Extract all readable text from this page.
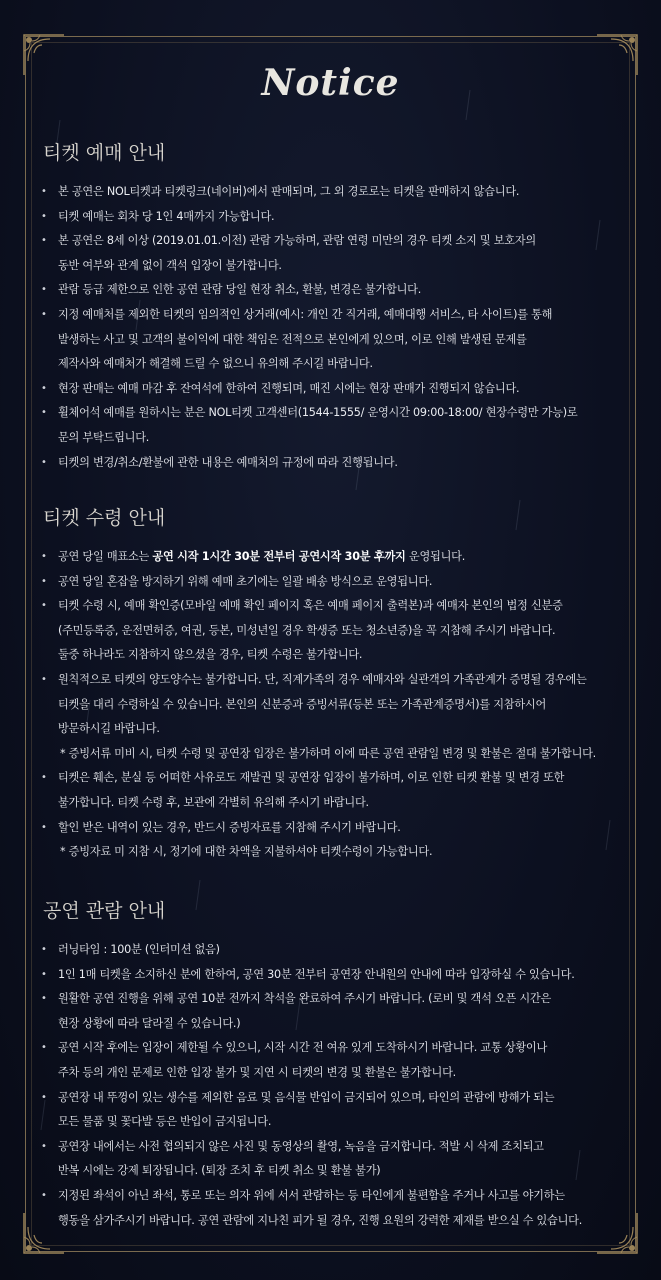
Notice
티켓 예매 안내
• 본 공연은 NOL티켓과 티켓링크(네이버)에서 판매되며, 그 외 경로로는 티켓을 판매하지 않습니다.
• 티켓 예매는 회차 당 1인 4매까지 가능합니다.
• 본 공연은 8세 이상 (2019.01.01.이전) 관람 가능하며, 관람 연령 미만의 경우 티켓 소지 및 보호자의
동반 여부와 관계 없이 객석 입장이 불가합니다.
• 관람 등급 제한으로 인한 공연 관람 당일 현장 취소, 환불, 변경은 불가합니다.
• 지정 예매처를 제외한 티켓의 임의적인 상거래(예시: 개인 간 직거래, 예매대행 서비스, 타 사이트)를 통해
발생하는 사고 및 고객의 불이익에 대한 책임은 전적으로 본인에게 있으며, 이로 인해 발생된 문제를
제작사와 예매처가 해결해 드릴 수 없으니 유의해 주시길 바랍니다.
• 현장 판매는 예매 마감 후 잔여석에 한하여 진행되며, 매진 시에는 현장 판매가 진행되지 않습니다.
• 휠체어석 예매를 원하시는 분은 NOL티켓 고객센터(1544-1555/ 운영시간 09:00-18:00/ 현장수령만 가능)로
문의 부탁드립니다.
• 티켓의 변경/취소/환불에 관한 내용은 예매처의 규정에 따라 진행됩니다.
티켓 수령 안내
• 공연 당일 매표소는 공연 시작 1시간 30분 전부터 공연시작 30분 후까지 운영됩니다.
• 공연 당일 혼잡을 방지하기 위해 예매 초기에는 일괄 배송 방식으로 운영됩니다.
• 티켓 수령 시, 예매 확인증(모바일 예매 확인 페이지 혹은 예매 페이지 출력본)과 예매자 본인의 법정 신분증
(주민등록증, 운전면허증, 여권, 등본, 미성년일 경우 학생증 또는 청소년증)을 꼭 지참해 주시기 바랍니다.
둘중 하나라도 지참하지 않으셨을 경우, 티켓 수령은 불가합니다.
• 원칙적으로 티켓의 양도양수는 불가합니다. 단, 직계가족의 경우 예매자와 실관객의 가족관계가 증명될 경우에는
티켓을 대리 수령하실 수 있습니다. 본인의 신분증과 증빙서류(등본 또는 가족관계증명서)를 지참하시어
방문하시길 바랍니다.
* 증빙서류 미비 시, 티켓 수령 및 공연장 입장은 불가하며 이에 따른 공연 관람일 변경 및 환불은 절대 불가합니다.
• 티켓은 훼손, 분실 등 어떠한 사유로도 재발권 및 공연장 입장이 불가하며, 이로 인한 티켓 환불 및 변경 또한
불가합니다. 티켓 수령 후, 보관에 각별히 유의해 주시기 바랍니다.
• 할인 받은 내역이 있는 경우, 반드시 증빙자료를 지참해 주시기 바랍니다.
* 증빙자료 미 지참 시, 정기에 대한 차액을 지불하셔야 티켓수령이 가능합니다.
공연 관람 안내
• 러닝타임 : 100분 (인터미션 없음)
• 1인 1매 티켓을 소지하신 분에 한하여, 공연 30분 전부터 공연장 안내원의 안내에 따라 입장하실 수 있습니다.
• 원활한 공연 진행을 위해 공연 10분 전까지 착석을 완료하여 주시기 바랍니다. (로비 및 객석 오픈 시간은
현장 상황에 따라 달라질 수 있습니다.)
• 공연 시작 후에는 입장이 제한될 수 있으니, 시작 시간 전 여유 있게 도착하시기 바랍니다. 교통 상황이나
주차 등의 개인 문제로 인한 입장 불가 및 지연 시 티켓의 변경 및 환불은 불가합니다.
• 공연장 내 뚜껑이 있는 생수를 제외한 음료 및 음식물 반입이 금지되어 있으며, 타인의 관람에 방해가 되는
모든 물품 및 꽃다발 등은 반입이 금지됩니다.
• 공연장 내에서는 사전 협의되지 않은 사진 및 동영상의 촬영, 녹음을 금지합니다. 적발 시 삭제 조치되고
반복 시에는 강제 퇴장됩니다. (퇴장 조치 후 티켓 취소 및 환불 불가)
• 지정된 좌석이 아닌 좌석, 통로 또는 의자 위에 서서 관람하는 등 타인에게 불편함을 주거나 사고를 야기하는
행동을 삼가주시기 바랍니다. 공연 관람에 지나친 피가 될 경우, 진행 요원의 강력한 제재를 받으실 수 있습니다.
